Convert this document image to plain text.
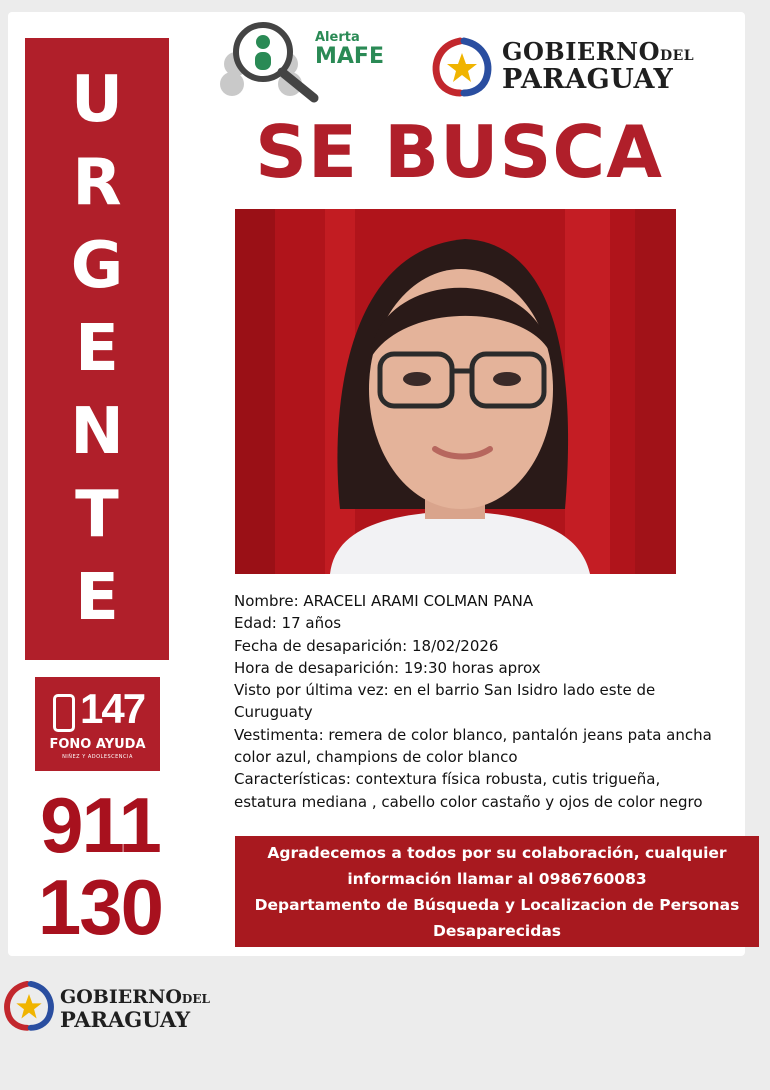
U
R
G
E
N
T
E
147
FONO AYUDA
NIÑEZ Y ADOLESCENCIA
911
130
Alerta
MAFE	GOBIERNODEL
PARAGUAY
SE BUSCA
Nombre: ARACELI ARAMI COLMAN PANA
Edad: 17 años
Fecha de desaparición: 18/02/2026
Hora de desaparición: 19:30 horas aprox
Visto por última vez: en el barrio San Isidro lado este de Curuguaty
Vestimenta: remera de color blanco, pantalón jeans pata ancha color azul, champions de color blanco
Características: contextura física robusta, cutis trigueña, estatura mediana , cabello color castaño y ojos de color negro
Agradecemos a todos por su colaboración, cualquier
información llamar al 0986760083
Departamento de Búsqueda y Localizacion de Personas
Desaparecidas
GOBIERNODEL
PARAGUAY
